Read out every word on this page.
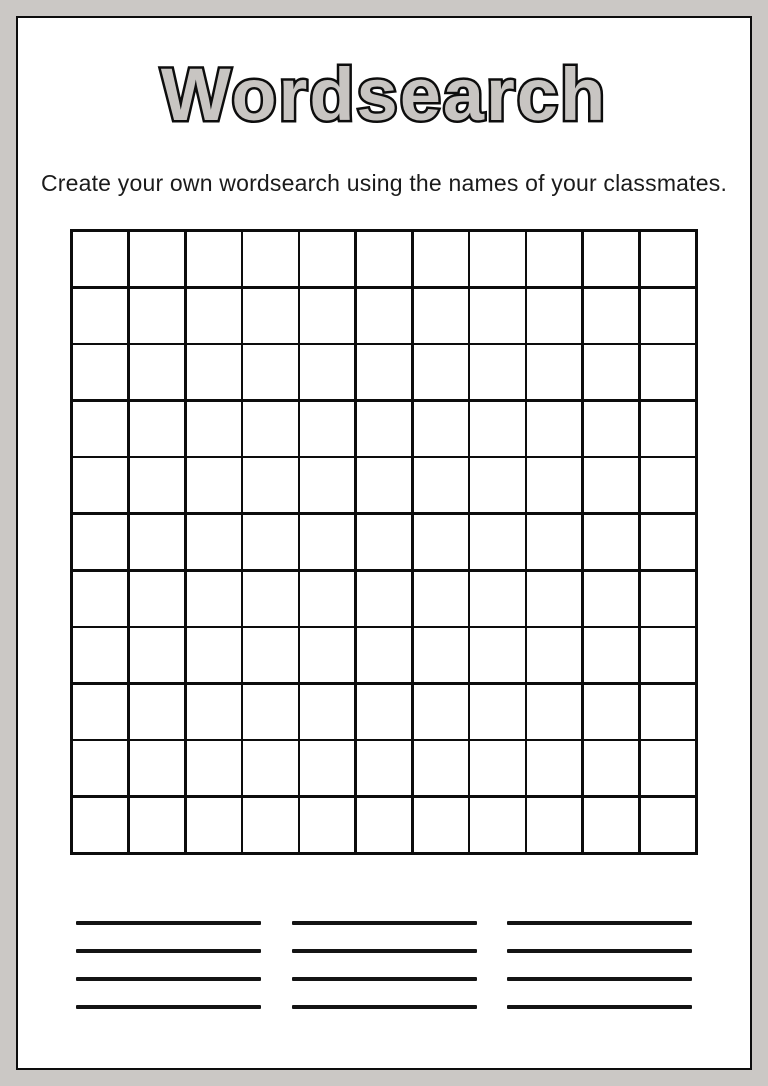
Wordsearch
Create your own wordsearch using the names of your classmates.
